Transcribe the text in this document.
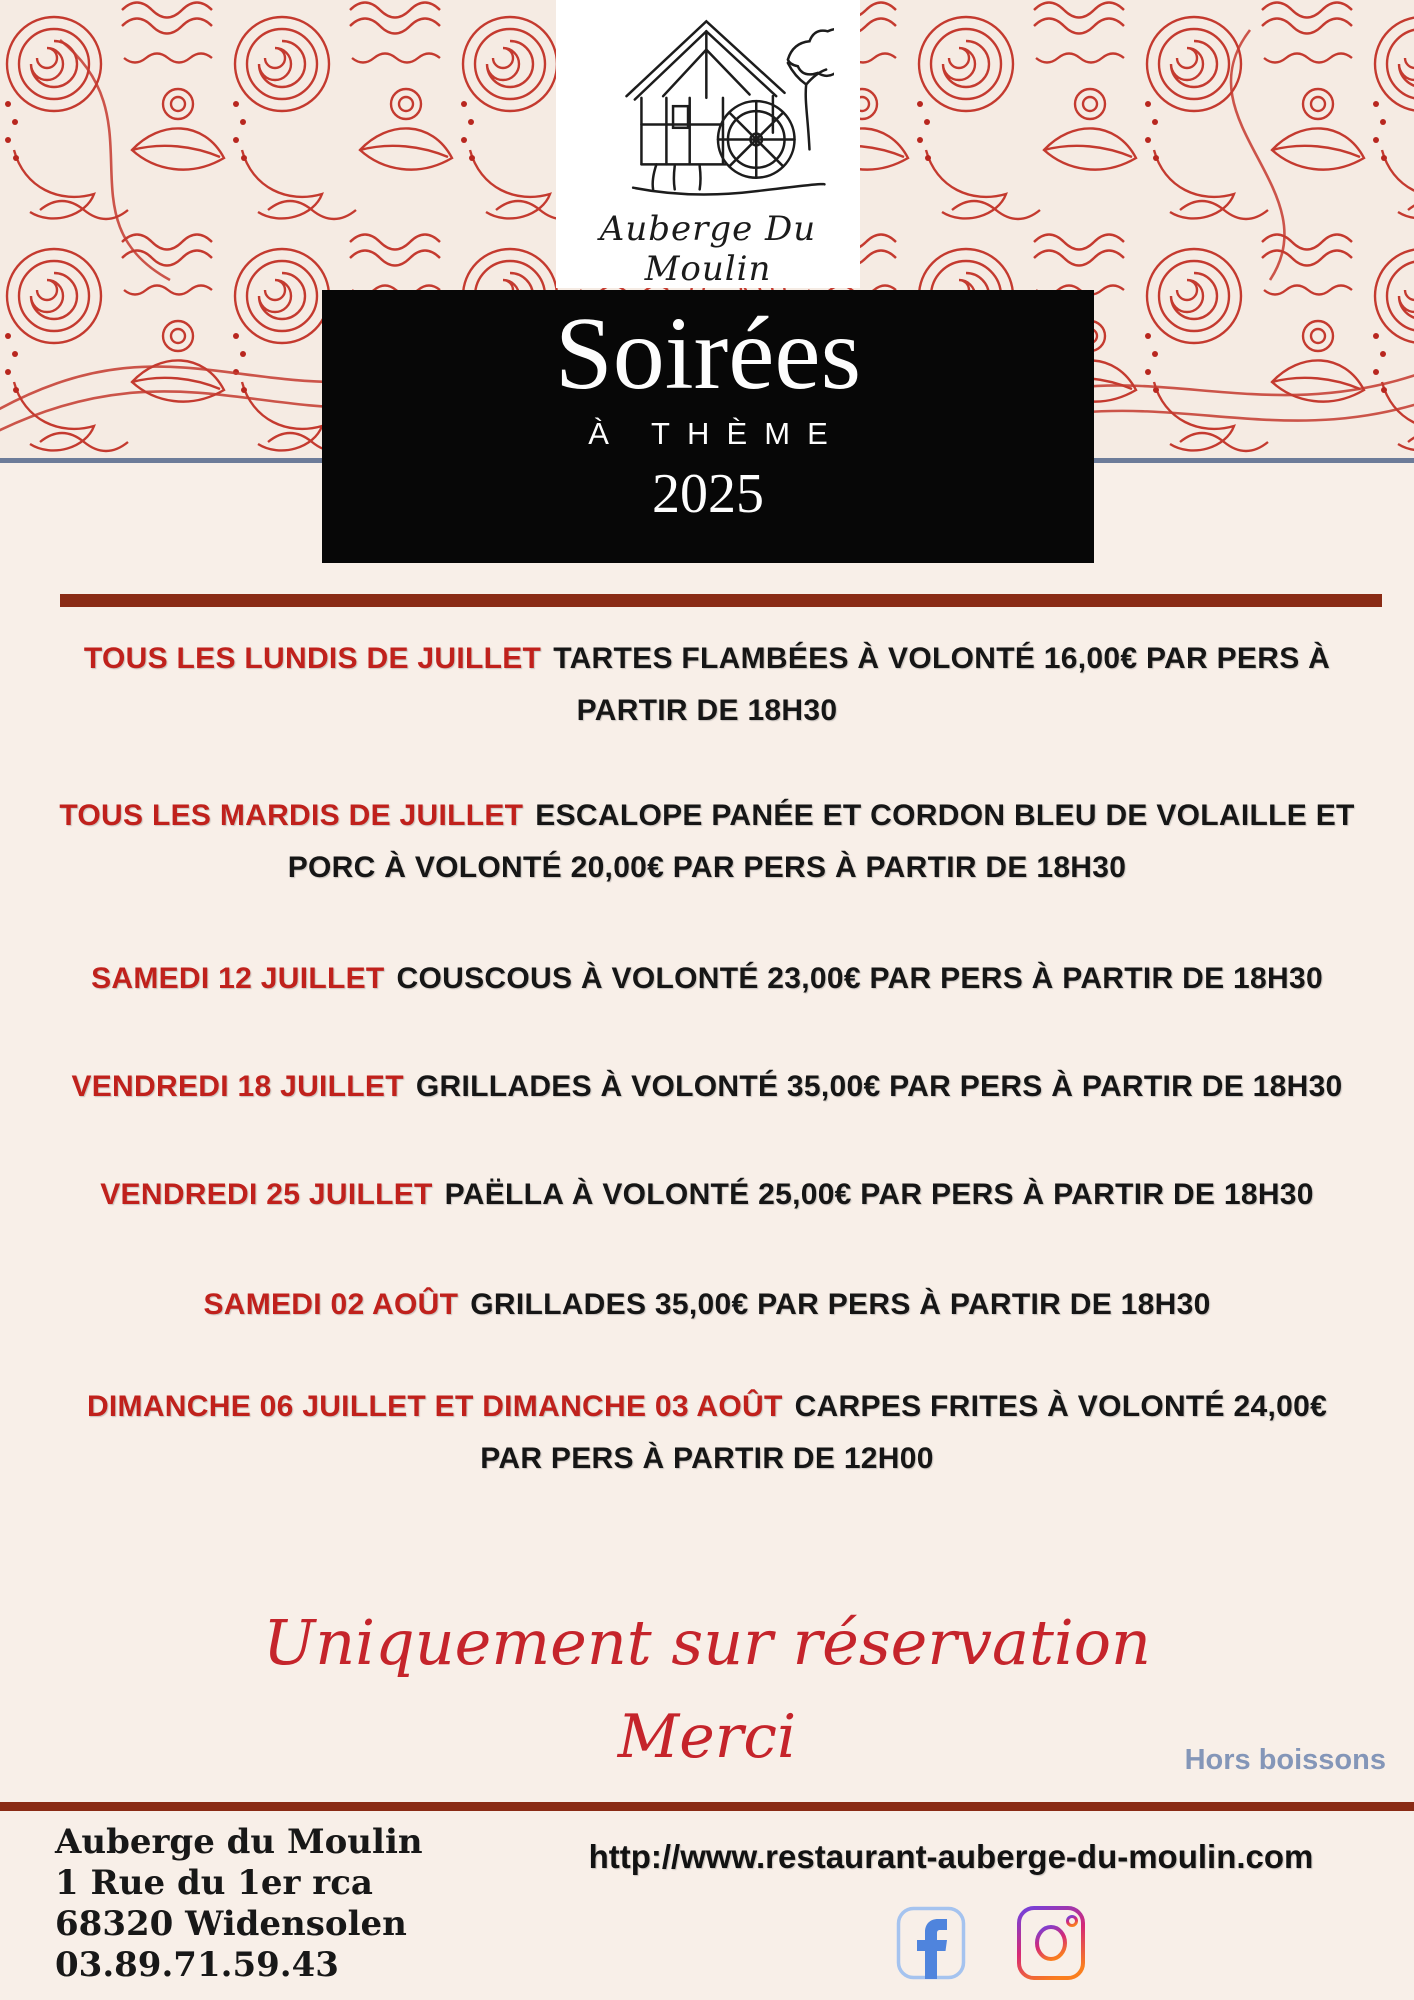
Auberge Du Moulin
Soirées
À THÈME
2025

TOUS LES LUNDIS DE JUILLET TARTES FLAMBÉES À VOLONTÉ 16,00€ PAR PERS À PARTIR DE 18H30

TOUS LES MARDIS DE JUILLET ESCALOPE PANÉE ET CORDON BLEU DE VOLAILLE ET PORC À VOLONTÉ 20,00€ PAR PERS À PARTIR DE 18H30

SAMEDI 12 JUILLET COUSCOUS À VOLONTÉ 23,00€ PAR PERS À PARTIR DE 18H30

VENDREDI 18 JUILLET GRILLADES À VOLONTÉ 35,00€ PAR PERS À PARTIR DE 18H30

VENDREDI 25 JUILLET PAËLLA À VOLONTÉ 25,00€ PAR PERS À PARTIR DE 18H30

SAMEDI 02 AOÛT GRILLADES 35,00€ PAR PERS À PARTIR DE 18H30

DIMANCHE 06 JUILLET ET DIMANCHE 03 AOÛT CARPES FRITES À VOLONTÉ 24,00€ PAR PERS À PARTIR DE 12H00

Uniquement sur réservation
Merci	Hors boissons
Auberge du Moulin
1 Rue du 1er rca
68320 Widensolen
03.89.71.59.43
http://www.restaurant-auberge-du-moulin.com
